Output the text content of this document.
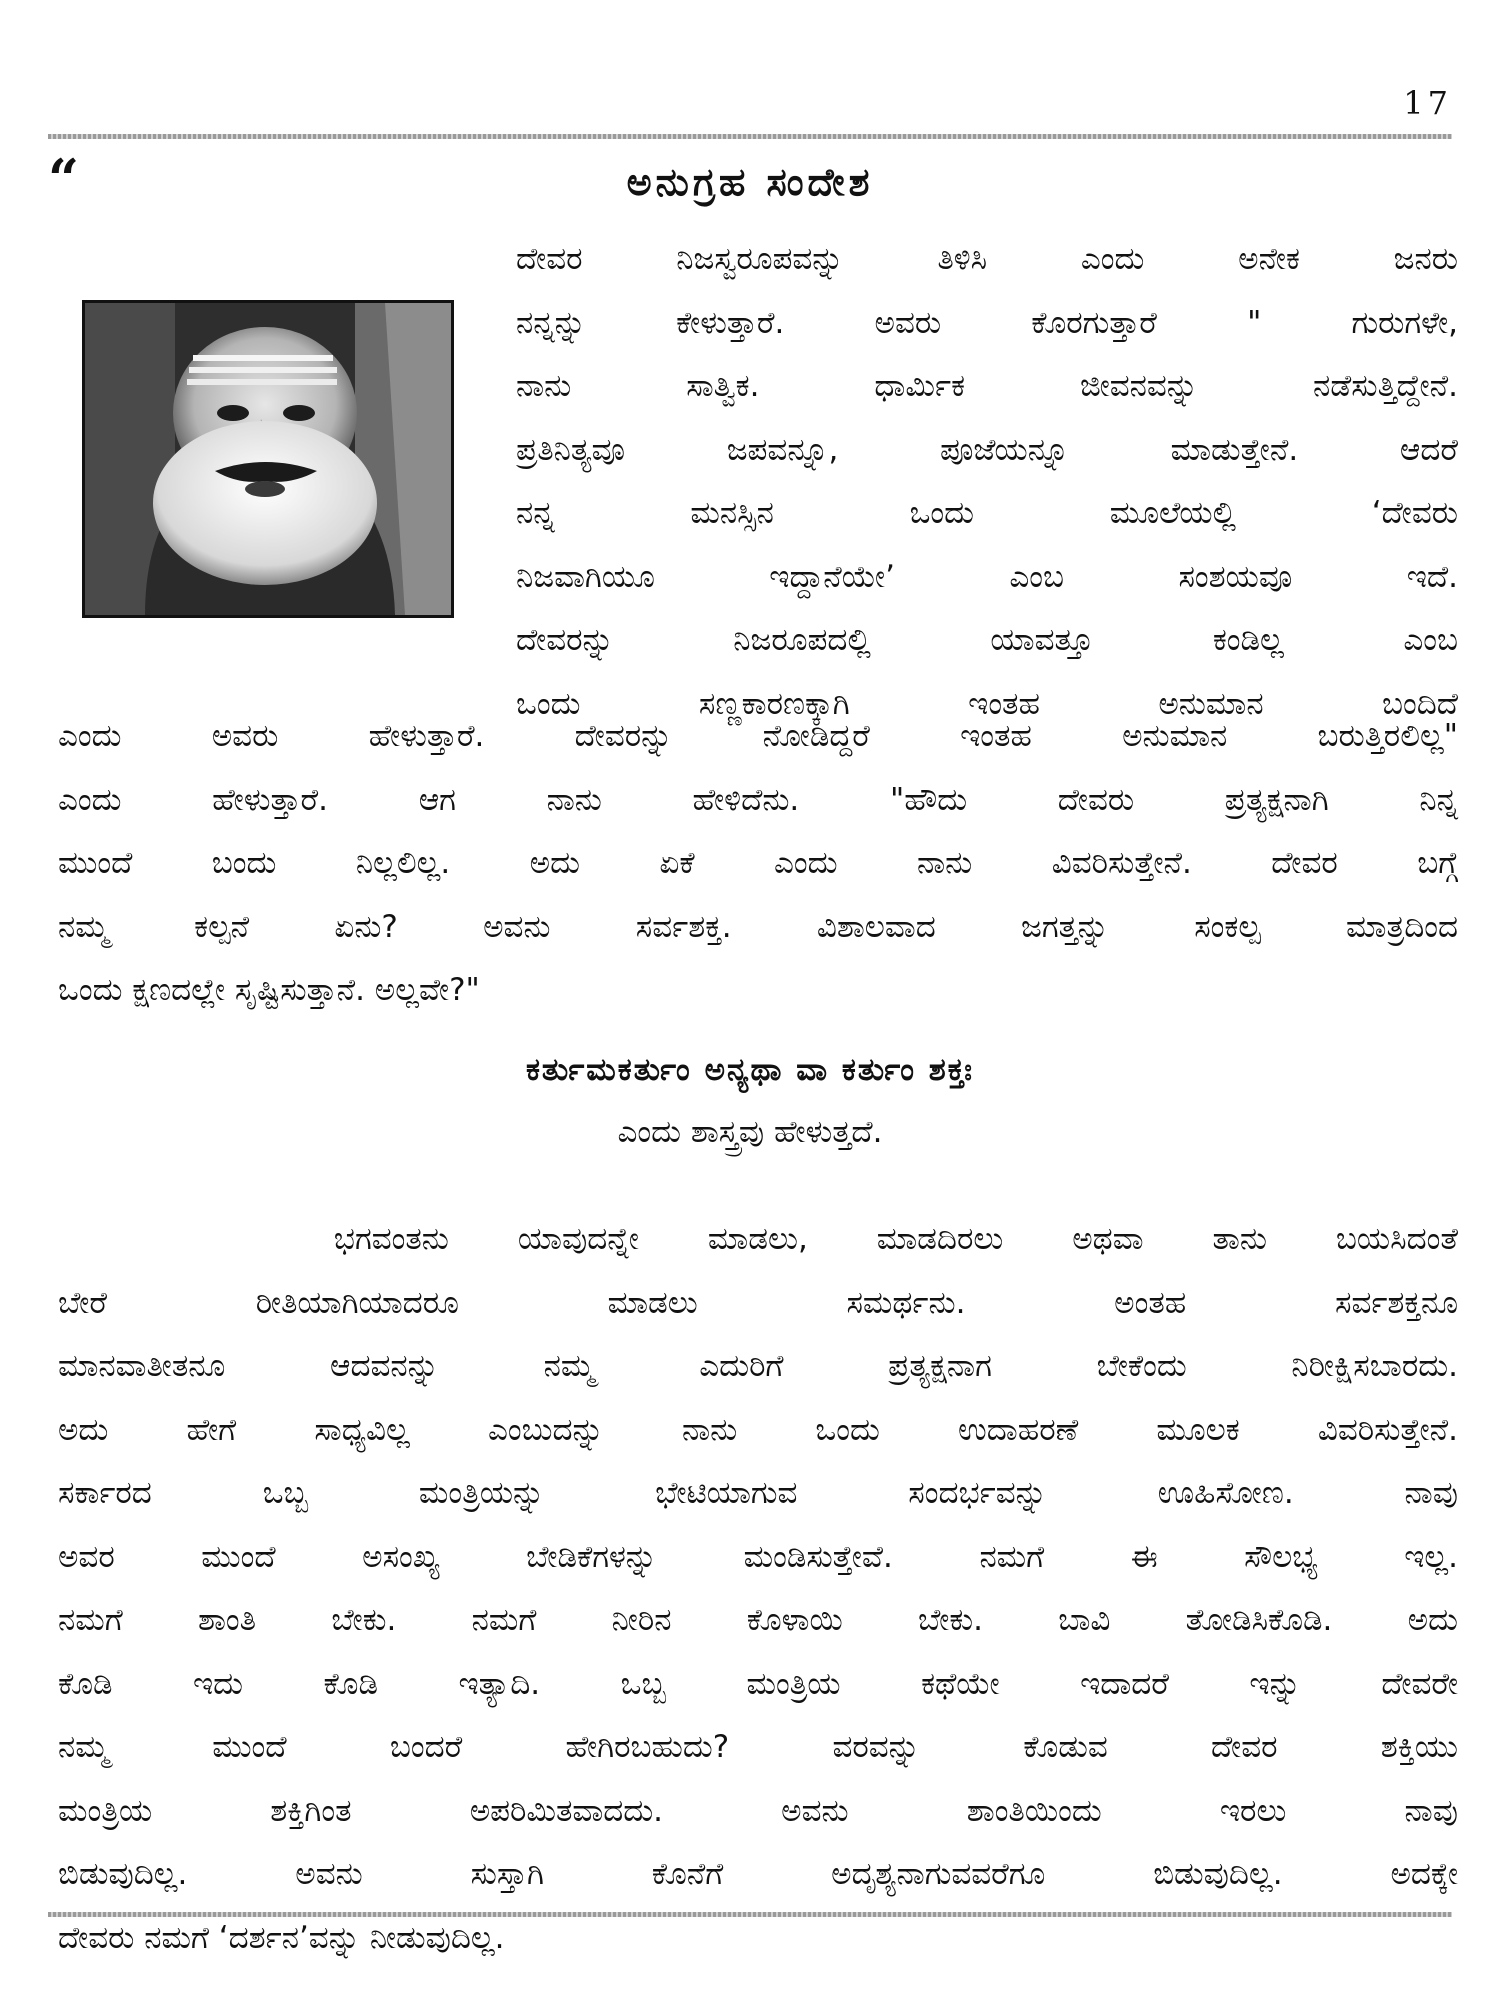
17
“	ಅನುಗ್ರಹ ಸಂದೇಶ
ದೇವರ ನಿಜಸ್ವರೂಪವನ್ನು ತಿಳಿಸಿ ಎಂದು ಅನೇಕ ಜನರು
ನನ್ನನ್ನು ಕೇಳುತ್ತಾರೆ. ಅವರು ಕೊರಗುತ್ತಾರೆ " ಗುರುಗಳೇ,
ನಾನು ಸಾತ್ವಿಕ. ಧಾರ್ಮಿಕ ಜೀವನವನ್ನು ನಡೆಸುತ್ತಿದ್ದೇನೆ.
ಪ್ರತಿನಿತ್ಯವೂ ಜಪವನ್ನೂ, ಪೂಜೆಯನ್ನೂ ಮಾಡುತ್ತೇನೆ. ಆದರೆ
ನನ್ನ ಮನಸ್ಸಿನ ಒಂದು ಮೂಲೆಯಲ್ಲಿ ‘ದೇವರು
ನಿಜವಾಗಿಯೂ ಇದ್ದಾನೆಯೇ’ ಎಂಬ ಸಂಶಯವೂ ಇದೆ.
ದೇವರನ್ನು ನಿಜರೂಪದಲ್ಲಿ ಯಾವತ್ತೂ ಕಂಡಿಲ್ಲ ಎಂಬ
ಒಂದು ಸಣ್ಣಕಾರಣಕ್ಕಾಗಿ ಇಂತಹ ಅನುಮಾನ ಬಂದಿದೆ
ಎಂದು ಅವರು ಹೇಳುತ್ತಾರೆ. ದೇವರನ್ನು ನೋಡಿದ್ದರೆ ಇಂತಹ ಅನುಮಾನ ಬರುತ್ತಿರಲಿಲ್ಲ"
ಎಂದು ಹೇಳುತ್ತಾರೆ. ಆಗ ನಾನು ಹೇಳಿದೆನು. "ಹೌದು ದೇವರು ಪ್ರತ್ಯಕ್ಷನಾಗಿ ನಿನ್ನ
ಮುಂದೆ ಬಂದು ನಿಲ್ಲಲಿಲ್ಲ. ಅದು ಏಕೆ ಎಂದು ನಾನು ವಿವರಿಸುತ್ತೇನೆ. ದೇವರ ಬಗ್ಗೆ
ನಮ್ಮ ಕಲ್ಪನೆ ಏನು? ಅವನು ಸರ್ವಶಕ್ತ. ವಿಶಾಲವಾದ ಜಗತ್ತನ್ನು ಸಂಕಲ್ಪ ಮಾತ್ರದಿಂದ
ಒಂದು ಕ್ಷಣದಲ್ಲೇ ಸೃಷ್ಟಿಸುತ್ತಾನೆ. ಅಲ್ಲವೇ?"
ಕರ್ತುಮಕರ್ತುಂ ಅನ್ಯಥಾ ವಾ ಕರ್ತುಂ ಶಕ್ತಃ
ಎಂದು ಶಾಸ್ತ್ರವು ಹೇಳುತ್ತದೆ.
ಭಗವಂತನು ಯಾವುದನ್ನೇ ಮಾಡಲು, ಮಾಡದಿರಲು ಅಥವಾ ತಾನು ಬಯಸಿದಂತೆ
ಬೇರೆ ರೀತಿಯಾಗಿಯಾದರೂ ಮಾಡಲು ಸಮರ್ಥನು. ಅಂತಹ ಸರ್ವಶಕ್ತನೂ
ಮಾನವಾತೀತನೂ ಆದವನನ್ನು ನಮ್ಮ ಎದುರಿಗೆ ಪ್ರತ್ಯಕ್ಷನಾಗ ಬೇಕೆಂದು ನಿರೀಕ್ಷಿಸಬಾರದು.
ಅದು ಹೇಗೆ ಸಾಧ್ಯವಿಲ್ಲ ಎಂಬುದನ್ನು ನಾನು ಒಂದು ಉದಾಹರಣೆ ಮೂಲಕ ವಿವರಿಸುತ್ತೇನೆ.
ಸರ್ಕಾರದ ಒಬ್ಬ ಮಂತ್ರಿಯನ್ನು ಭೇಟಿಯಾಗುವ ಸಂದರ್ಭವನ್ನು ಊಹಿಸೋಣ. ನಾವು
ಅವರ ಮುಂದೆ ಅಸಂಖ್ಯ ಬೇಡಿಕೆಗಳನ್ನು ಮಂಡಿಸುತ್ತೇವೆ. ನಮಗೆ ಈ ಸೌಲಭ್ಯ ಇಲ್ಲ.
ನಮಗೆ ಶಾಂತಿ ಬೇಕು. ನಮಗೆ ನೀರಿನ ಕೊಳಾಯಿ ಬೇಕು. ಬಾವಿ ತೋಡಿಸಿಕೊಡಿ. ಅದು
ಕೊಡಿ ಇದು ಕೊಡಿ ಇತ್ಯಾದಿ. ಒಬ್ಬ ಮಂತ್ರಿಯ ಕಥೆಯೇ ಇದಾದರೆ ಇನ್ನು ದೇವರೇ
ನಮ್ಮ ಮುಂದೆ ಬಂದರೆ ಹೇಗಿರಬಹುದು? ವರವನ್ನು ಕೊಡುವ ದೇವರ ಶಕ್ತಿಯು
ಮಂತ್ರಿಯ ಶಕ್ತಿಗಿಂತ ಅಪರಿಮಿತವಾದದು. ಅವನು ಶಾಂತಿಯಿಂದು ಇರಲು ನಾವು
ಬಿಡುವುದಿಲ್ಲ. ಅವನು ಸುಸ್ತಾಗಿ ಕೊನೆಗೆ ಅದೃಶ್ಯನಾಗುವವರೆಗೂ ಬಿಡುವುದಿಲ್ಲ. ಅದಕ್ಕೇ
ದೇವರು ನಮಗೆ ‘ದರ್ಶನ’ವನ್ನು ನೀಡುವುದಿಲ್ಲ.
